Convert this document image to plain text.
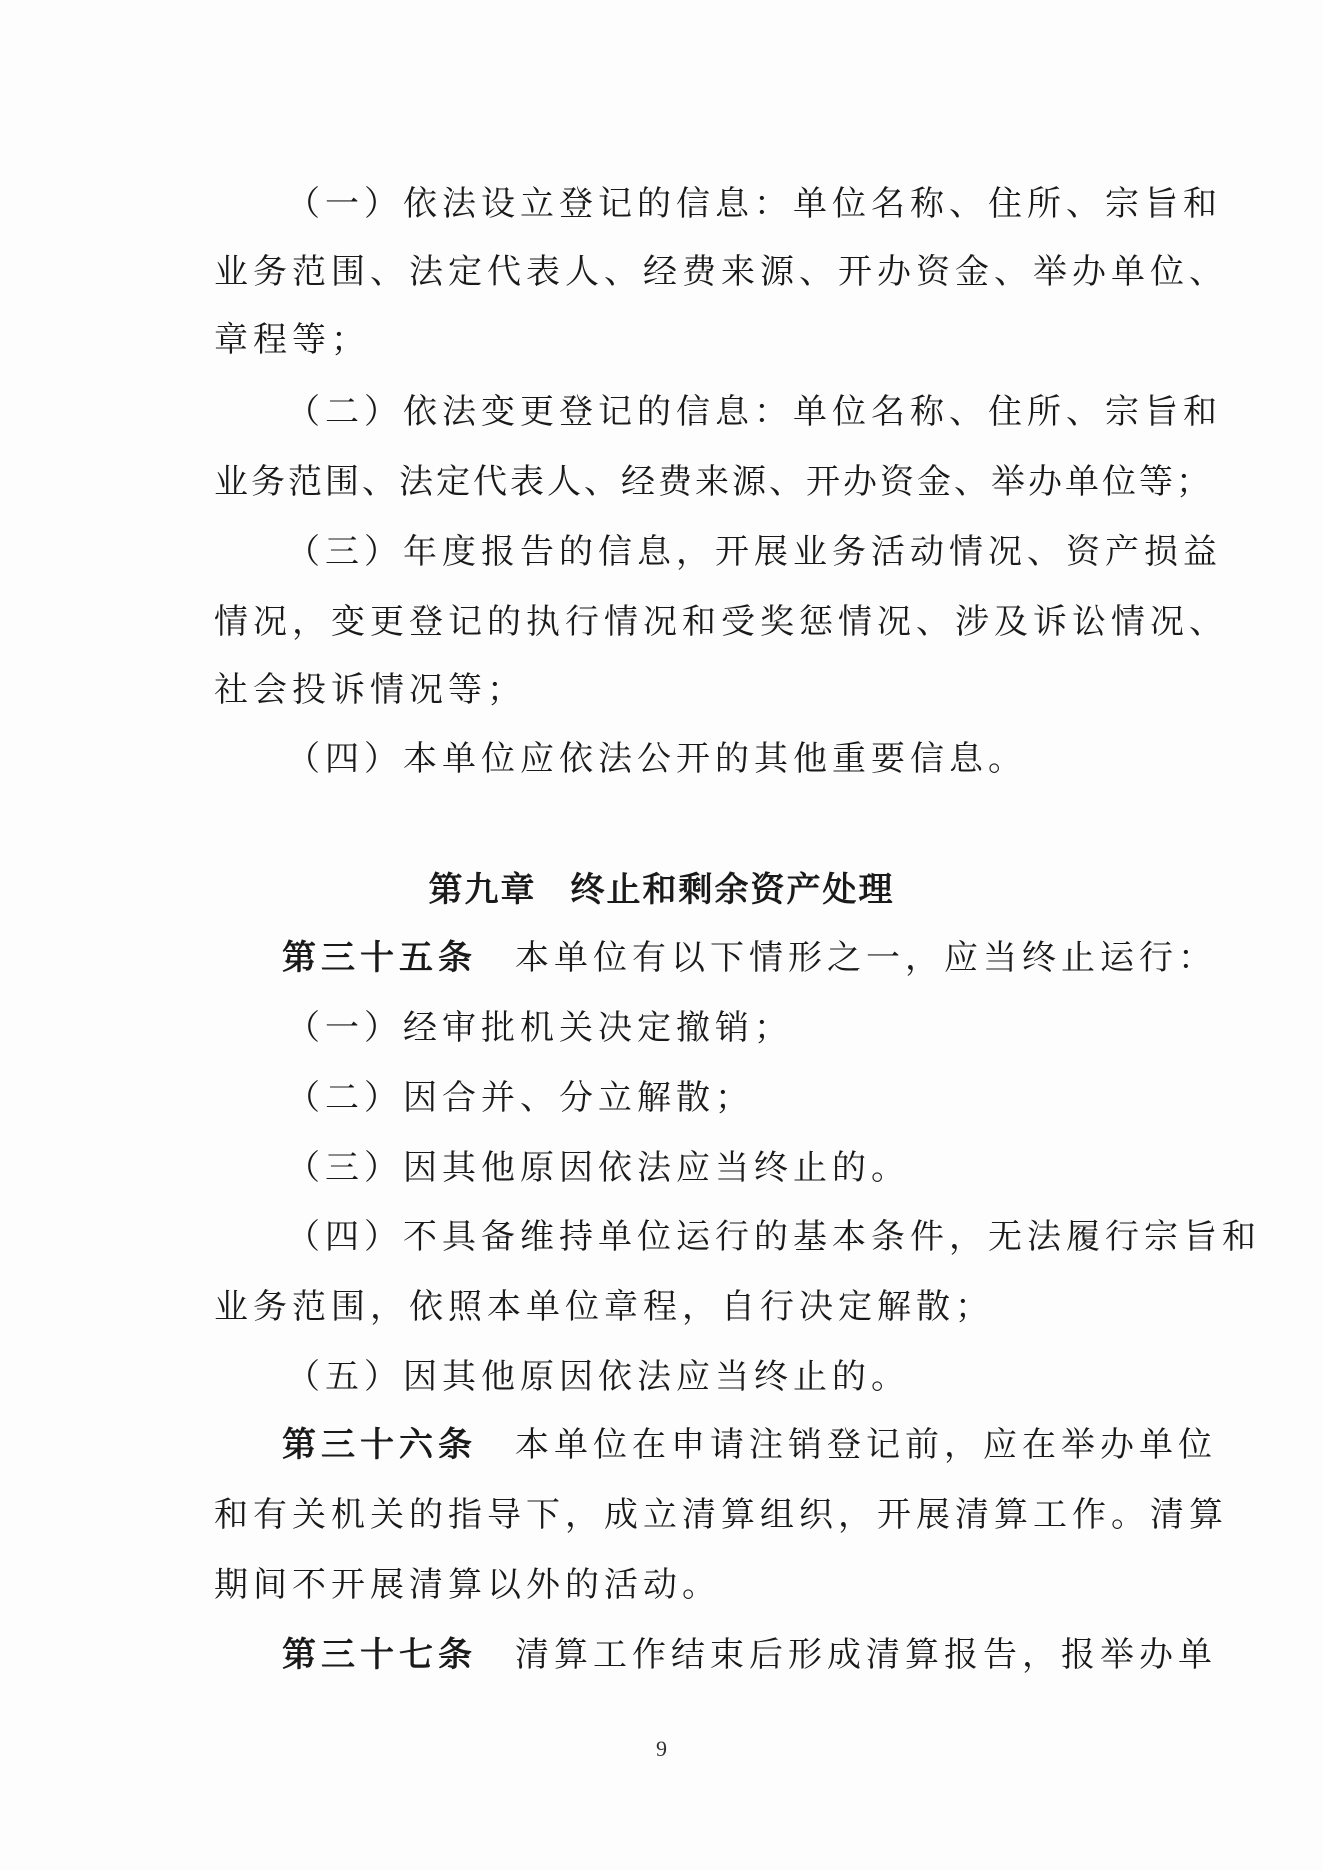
（一）依法设立登记的信息：单位名称、住所、宗旨和
业务范围、法定代表人、经费来源、开办资金、举办单位、
章程等；
（二）依法变更登记的信息：单位名称、住所、宗旨和
业务范围、法定代表人、经费来源、开办资金、举办单位等；
（三）年度报告的信息，开展业务活动情况、资产损益
情况，变更登记的执行情况和受奖惩情况、涉及诉讼情况、
社会投诉情况等；
（四）本单位应依法公开的其他重要信息。
第九章 终止和剩余资产处理
第三十五条 本单位有以下情形之一，应当终止运行：
（一）经审批机关决定撤销；
（二）因合并、分立解散；
（三）因其他原因依法应当终止的。
（四）不具备维持单位运行的基本条件，无法履行宗旨和
业务范围，依照本单位章程，自行决定解散；
（五）因其他原因依法应当终止的。
第三十六条 本单位在申请注销登记前，应在举办单位
和有关机关的指导下，成立清算组织，开展清算工作。清算
期间不开展清算以外的活动。
第三十七条 清算工作结束后形成清算报告，报举办单
9
